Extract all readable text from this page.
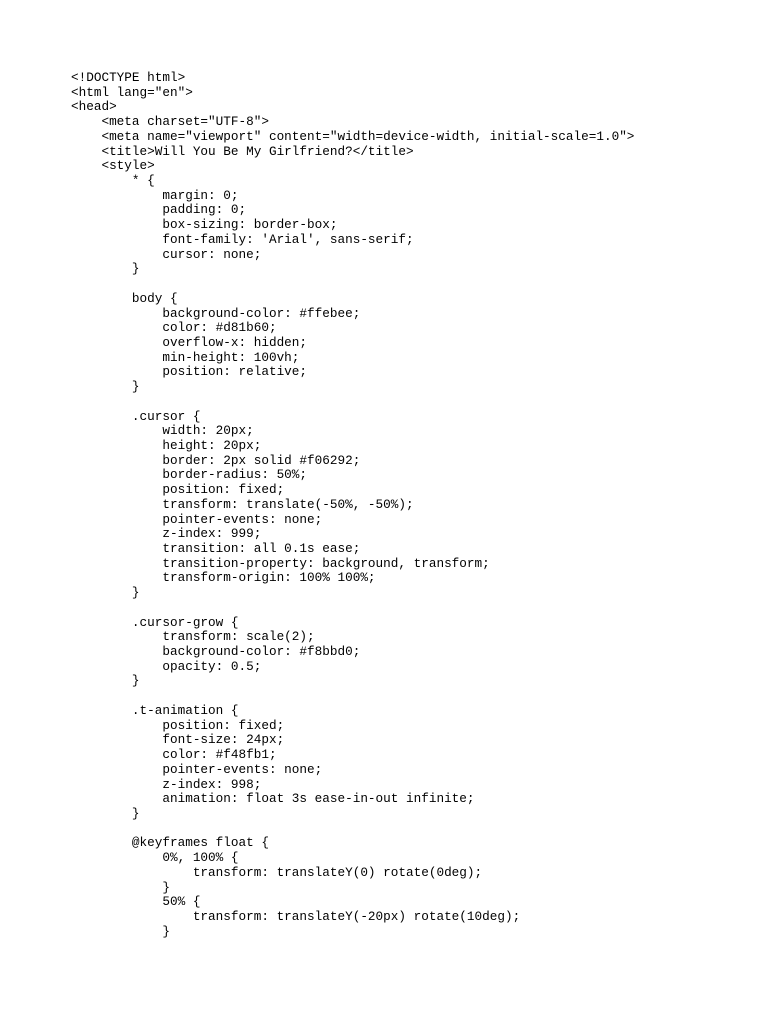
<!DOCTYPE html>
<html lang="en">
<head>
<meta charset="UTF-8">
<meta name="viewport" content="width=device-width, initial-scale=1.0">
<title>Will You Be My Girlfriend?</title>
<style>
* {
margin: 0;
padding: 0;
box-sizing: border-box;
font-family: 'Arial', sans-serif;
cursor: none;
}
body {
background-color: #ffebee;
color: #d81b60;
overflow-x: hidden;
min-height: 100vh;
position: relative;
}
.cursor {
width: 20px;
height: 20px;
border: 2px solid #f06292;
border-radius: 50%;
position: fixed;
transform: translate(-50%, -50%);
pointer-events: none;
z-index: 999;
transition: all 0.1s ease;
transition-property: background, transform;
transform-origin: 100% 100%;
}
.cursor-grow {
transform: scale(2);
background-color: #f8bbd0;
opacity: 0.5;
}
.t-animation {
position: fixed;
font-size: 24px;
color: #f48fb1;
pointer-events: none;
z-index: 998;
animation: float 3s ease-in-out infinite;
}
@keyframes float {
0%, 100% {
transform: translateY(0) rotate(0deg);
}
50% {
transform: translateY(-20px) rotate(10deg);
}
